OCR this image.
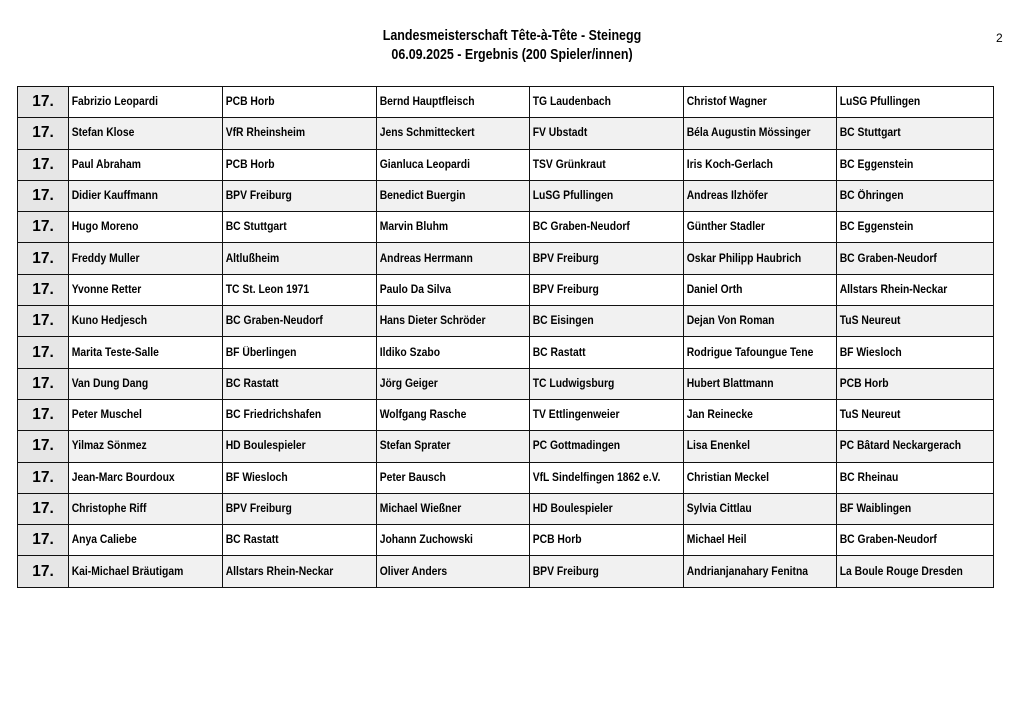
Landesmeisterschaft Tête-à-Tête - Steinegg
06.09.2025 - Ergebnis (200 Spieler/innen)
2
17.	Fabrizio Leopardi	PCB Horb	Bernd Hauptfleisch	TG Laudenbach	Christof Wagner	LuSG Pfullingen
17.	Stefan Klose	VfR Rheinsheim	Jens Schmitteckert	FV Ubstadt	Béla Augustin Mössinger	BC Stuttgart
17.	Paul Abraham	PCB Horb	Gianluca Leopardi	TSV Grünkraut	Iris Koch-Gerlach	BC Eggenstein
17.	Didier Kauffmann	BPV Freiburg	Benedict Buergin	LuSG Pfullingen	Andreas Ilzhöfer	BC Öhringen
17.	Hugo Moreno	BC Stuttgart	Marvin Bluhm	BC Graben-Neudorf	Günther Stadler	BC Eggenstein
17.	Freddy Muller	Altlußheim	Andreas Herrmann	BPV Freiburg	Oskar Philipp Haubrich	BC Graben-Neudorf
17.	Yvonne Retter	TC St. Leon 1971	Paulo Da Silva	BPV Freiburg	Daniel Orth	Allstars Rhein-Neckar
17.	Kuno Hedjesch	BC Graben-Neudorf	Hans Dieter Schröder	BC Eisingen	Dejan Von Roman	TuS Neureut
17.	Marita Teste-Salle	BF Überlingen	Ildiko Szabo	BC Rastatt	Rodrigue Tafoungue Tene	BF Wiesloch
17.	Van Dung Dang	BC Rastatt	Jörg Geiger	TC Ludwigsburg	Hubert Blattmann	PCB Horb
17.	Peter Muschel	BC Friedrichshafen	Wolfgang Rasche	TV Ettlingenweier	Jan Reinecke	TuS Neureut
17.	Yilmaz Sönmez	HD Boulespieler	Stefan Sprater	PC Gottmadingen	Lisa Enenkel	PC Bâtard Neckargerach
17.	Jean-Marc Bourdoux	BF Wiesloch	Peter Bausch	VfL Sindelfingen 1862 e.V.	Christian Meckel	BC Rheinau
17.	Christophe Riff	BPV Freiburg	Michael Wießner	HD Boulespieler	Sylvia Cittlau	BF Waiblingen
17.	Anya Caliebe	BC Rastatt	Johann Zuchowski	PCB Horb	Michael Heil	BC Graben-Neudorf
17.	Kai-Michael Bräutigam	Allstars Rhein-Neckar	Oliver Anders	BPV Freiburg	Andrianjanahary Fenitna	La Boule Rouge Dresden
